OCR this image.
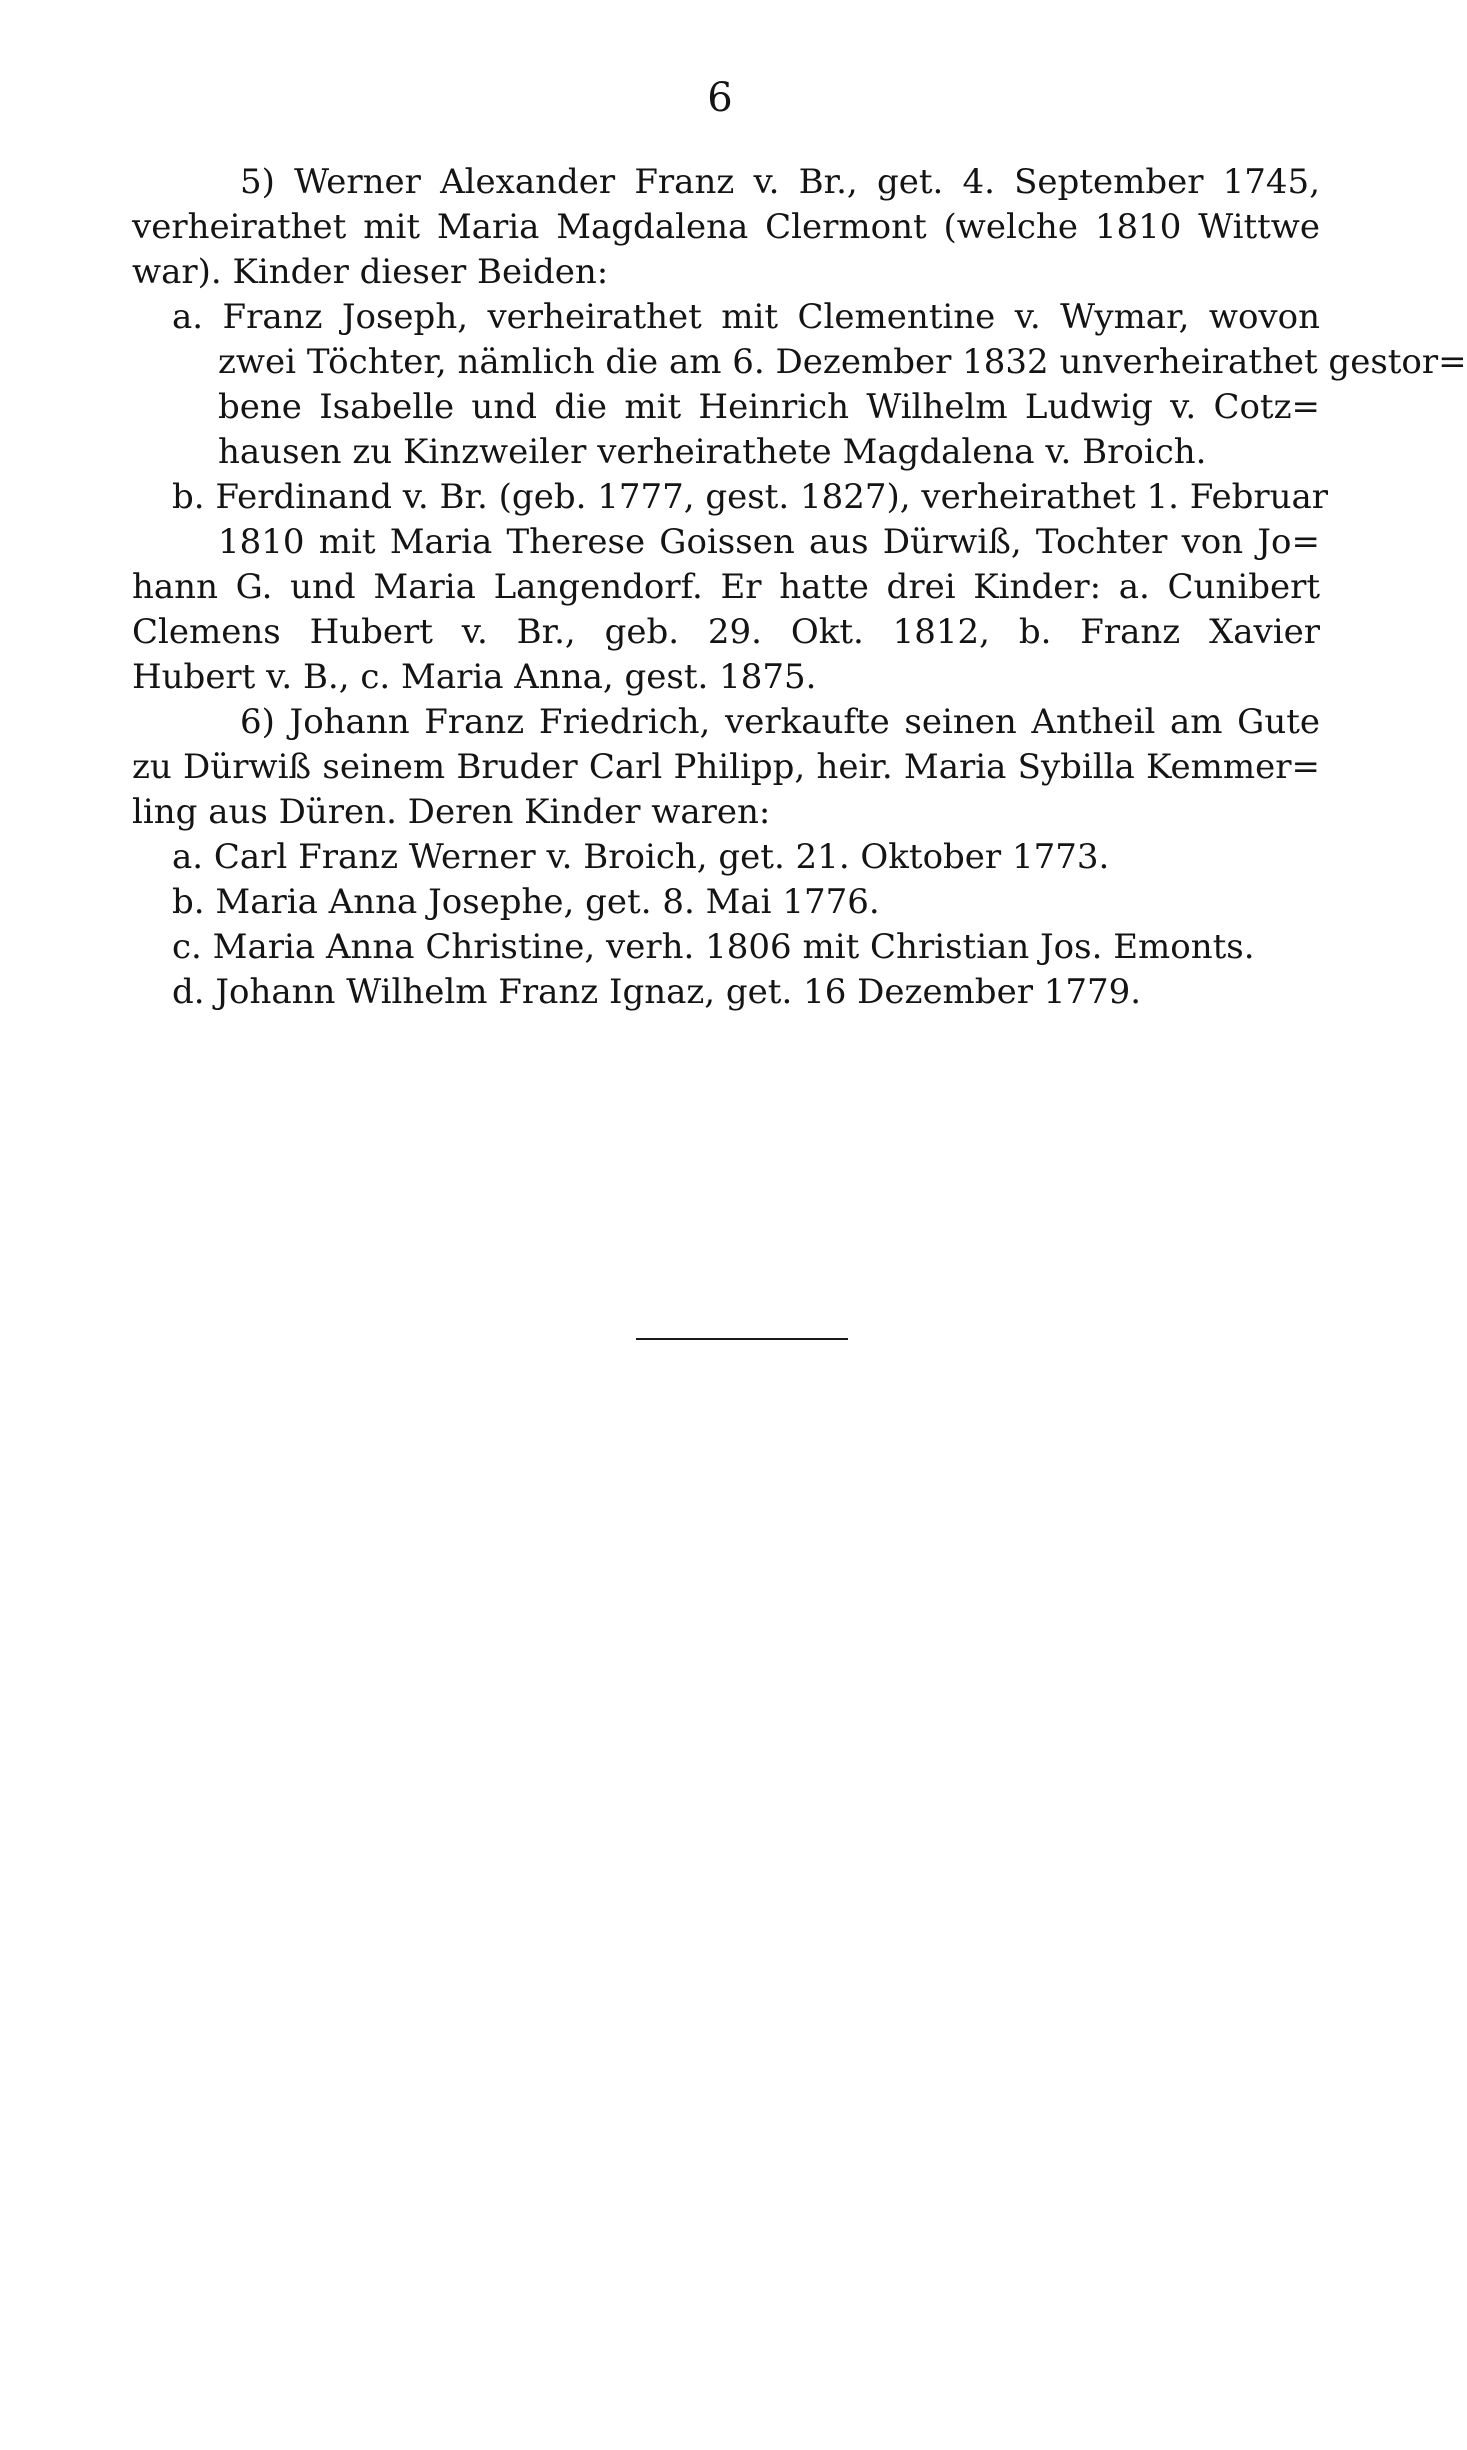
6
5) Werner Alexander Franz v. Br., get. 4. September 1745,
verheirathet mit Maria Magdalena Clermont (welche 1810 Wittwe
war). Kinder dieser Beiden:
a. Franz Joseph, verheirathet mit Clementine v. Wymar, wovon
zwei Töchter, nämlich die am 6. Dezember 1832 unverheirathet gestor=
bene Isabelle und die mit Heinrich Wilhelm Ludwig v. Cotz=
hausen zu Kinzweiler verheirathete Magdalena v. Broich.
b. Ferdinand v. Br. (geb. 1777, gest. 1827), verheirathet 1. Februar
1810 mit Maria Therese Goissen aus Dürwiß, Tochter von Jo=
hann G. und Maria Langendorf. Er hatte drei Kinder: a. Cunibert
Clemens Hubert v. Br., geb. 29. Okt. 1812, b. Franz Xavier
Hubert v. B., c. Maria Anna, gest. 1875.
6) Johann Franz Friedrich, verkaufte seinen Antheil am Gute
zu Dürwiß seinem Bruder Carl Philipp, heir. Maria Sybilla Kemmer=
ling aus Düren. Deren Kinder waren:
a. Carl Franz Werner v. Broich, get. 21. Oktober 1773.
b. Maria Anna Josephe, get. 8. Mai 1776.
c. Maria Anna Christine, verh. 1806 mit Christian Jos. Emonts.
d. Johann Wilhelm Franz Ignaz, get. 16 Dezember 1779.
